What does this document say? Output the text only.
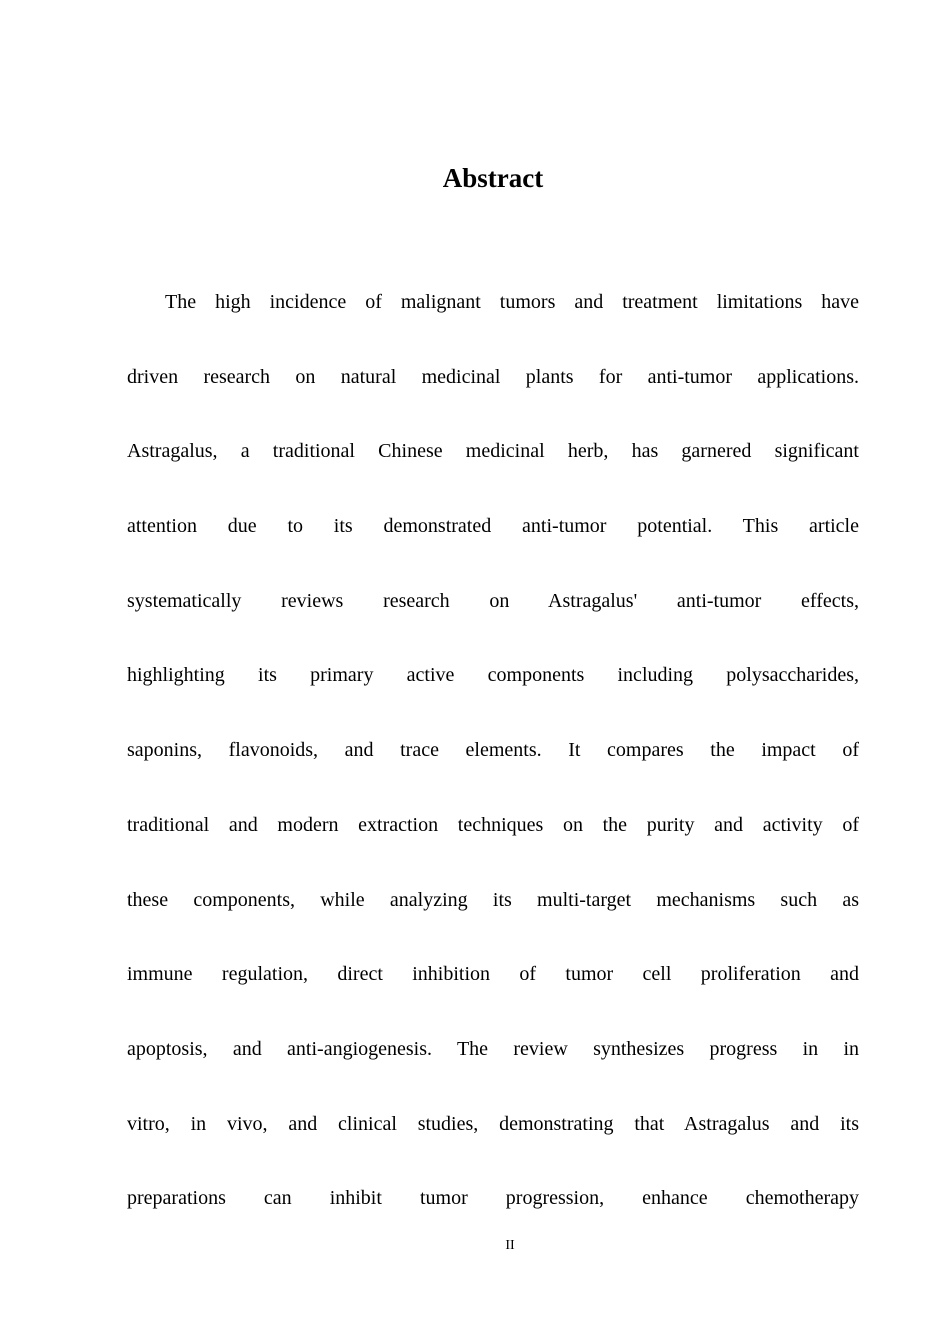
Abstract
The high incidence of malignant tumors and treatment limitations have
driven research on natural medicinal plants for anti-tumor applications.
Astragalus, a traditional Chinese medicinal herb, has garnered significant
attention due to its demonstrated anti-tumor potential. This article
systematically reviews research on Astragalus' anti-tumor effects,
highlighting its primary active components including polysaccharides,
saponins, flavonoids, and trace elements. It compares the impact of
traditional and modern extraction techniques on the purity and activity of
these components, while analyzing its multi-target mechanisms such as
immune regulation, direct inhibition of tumor cell proliferation and
apoptosis, and anti-angiogenesis. The review synthesizes progress in in
vitro, in vivo, and clinical studies, demonstrating that Astragalus and its
preparations can inhibit tumor progression, enhance chemotherapy
II
